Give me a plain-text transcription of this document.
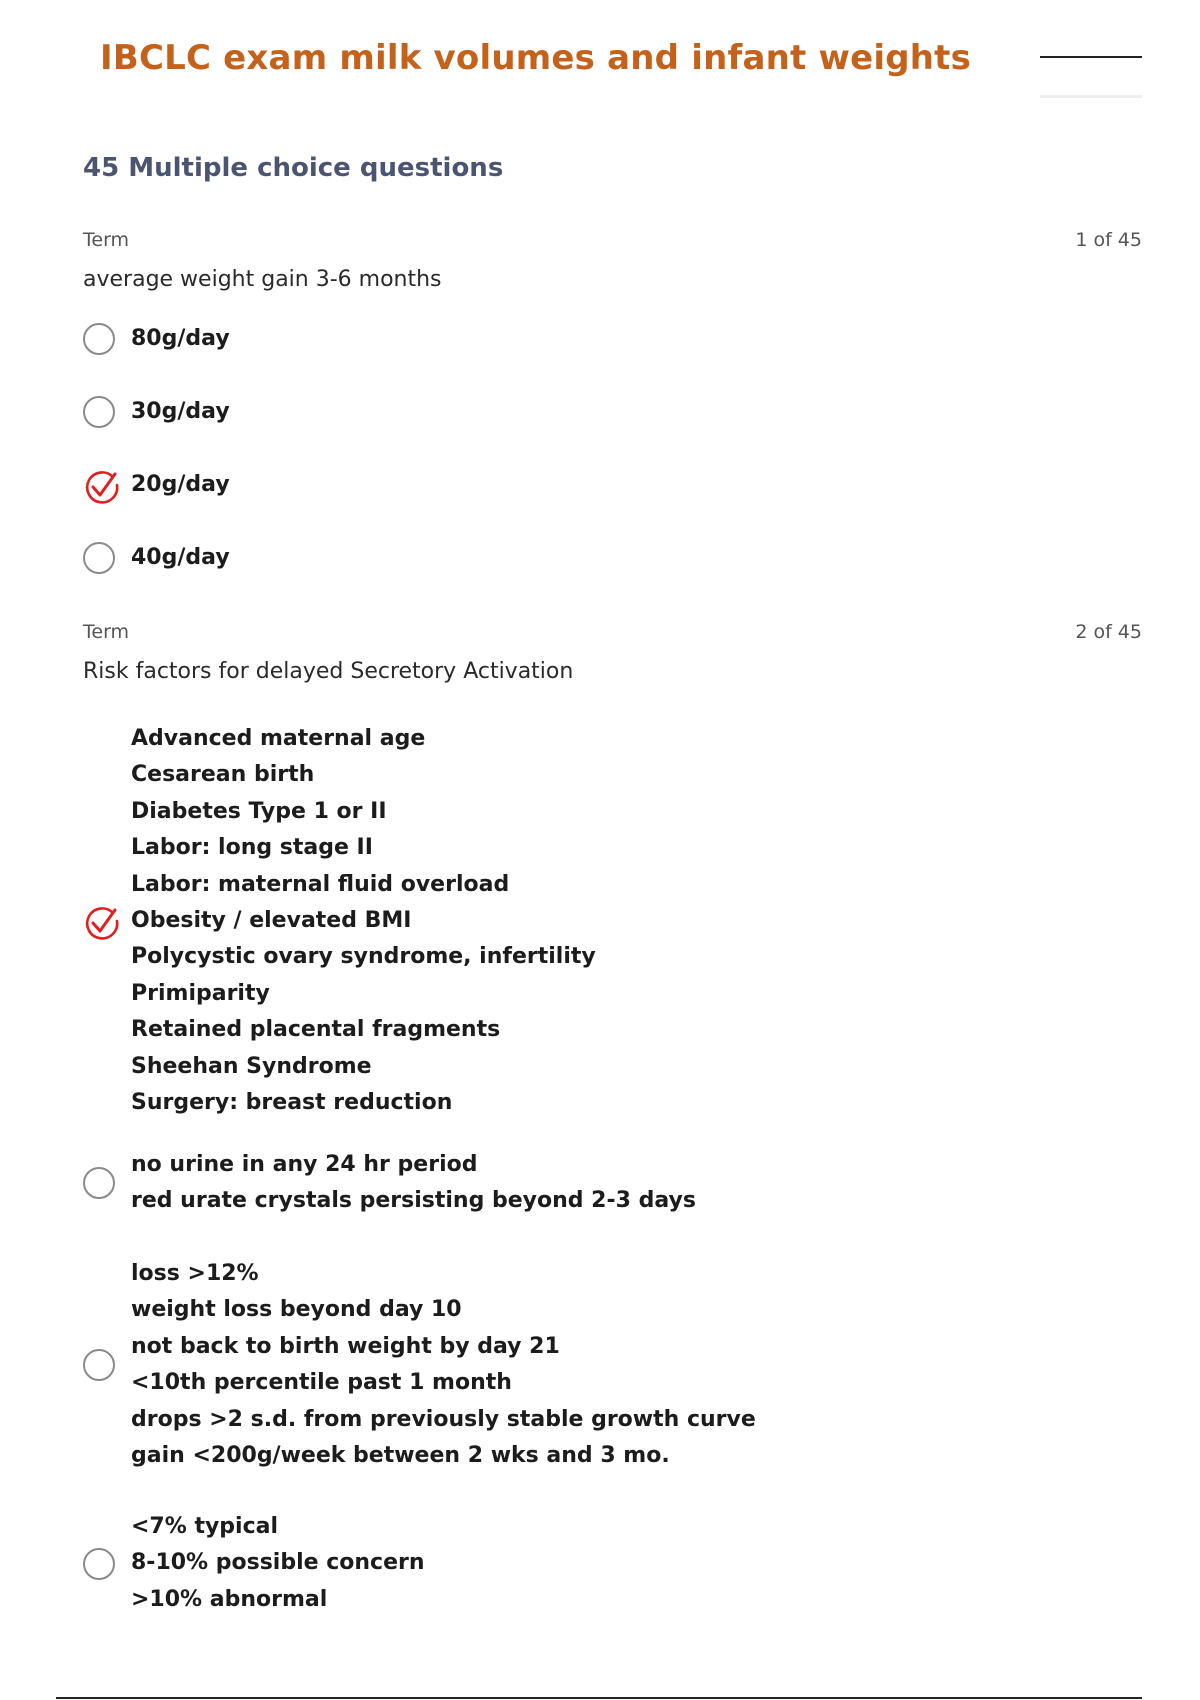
IBCLC exam milk volumes and infant weights
45 Multiple choice questions
Term	1 of 45
average weight gain 3-6 months
80g/day
30g/day
20g/day
40g/day
Term	2 of 45
Risk factors for delayed Secretory Activation
Advanced maternal age
Cesarean birth
Diabetes Type 1 or II
Labor: long stage II
Labor: maternal fluid overload
Obesity / elevated BMI
Polycystic ovary syndrome, infertility
Primiparity
Retained placental fragments
Sheehan Syndrome
Surgery: breast reduction
no urine in any 24 hr period
red urate crystals persisting beyond 2-3 days
loss >12%
weight loss beyond day 10
not back to birth weight by day 21
<10th percentile past 1 month
drops >2 s.d. from previously stable growth curve
gain <200g/week between 2 wks and 3 mo.
<7% typical
8-10% possible concern
>10% abnormal
